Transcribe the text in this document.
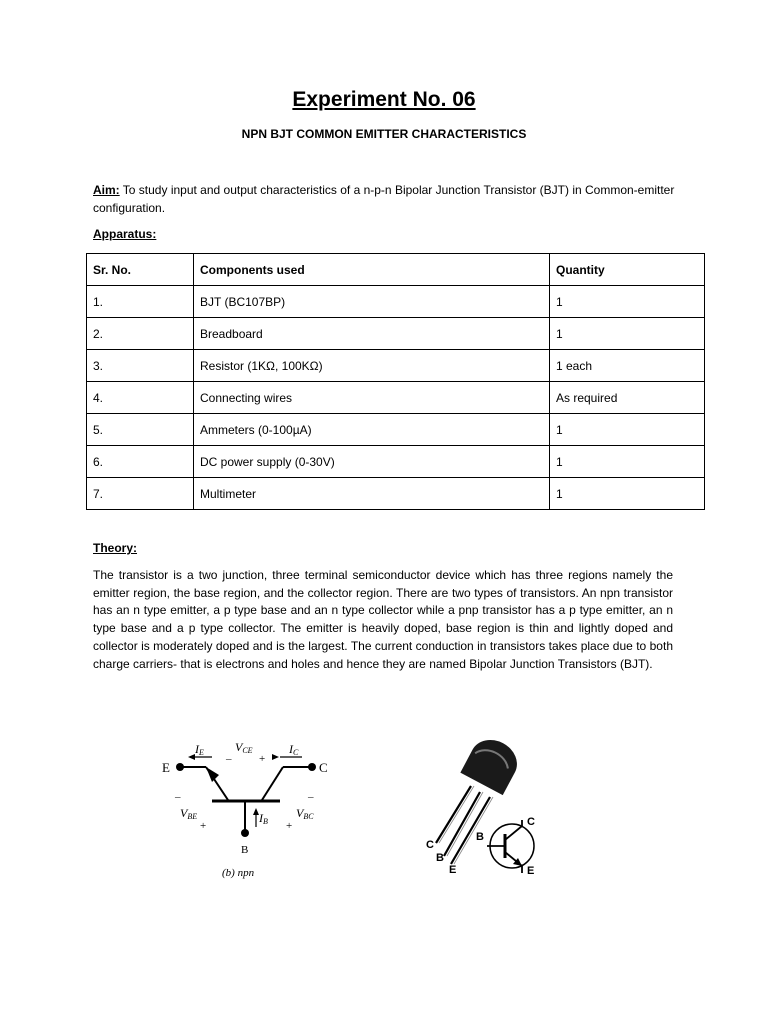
Experiment No. 06
NPN BJT COMMON EMITTER CHARACTERISTICS
Aim: To study input and output characteristics of a n-p-n Bipolar Junction Transistor (BJT) in Common-emitter configuration.
Apparatus:
Sr. No.	Components used	Quantity
1.	BJT (BC107BP)	1
2.	Breadboard	1
3.	Resistor (1KΩ, 100KΩ)	1 each
4.	Connecting wires	As required
5.	Ammeters (0-100µA)	1
6.	DC power supply (0-30V)	1
7.	Multimeter	1
Theory:
The transistor is a two junction, three terminal semiconductor device which has three regions namely the emitter region, the base region, and the collector region. There are two types of transistors. An npn transistor has an n type emitter, a p type base and an n type collector while a pnp transistor has a p type emitter, an n type base and a p type collector. The emitter is heavily doped, base region is thin and lightly doped and collector is moderately doped and is the largest. The current conduction in transistors takes place due to both charge carriers- that is electrons and holes and hence they are named Bipolar Junction Transistors (BJT).
E	C
B
IE	IC
IB
VCE
–	+
–
VBE
+
–
VBC
+
(b) npn
C
B
E
B
C
E
